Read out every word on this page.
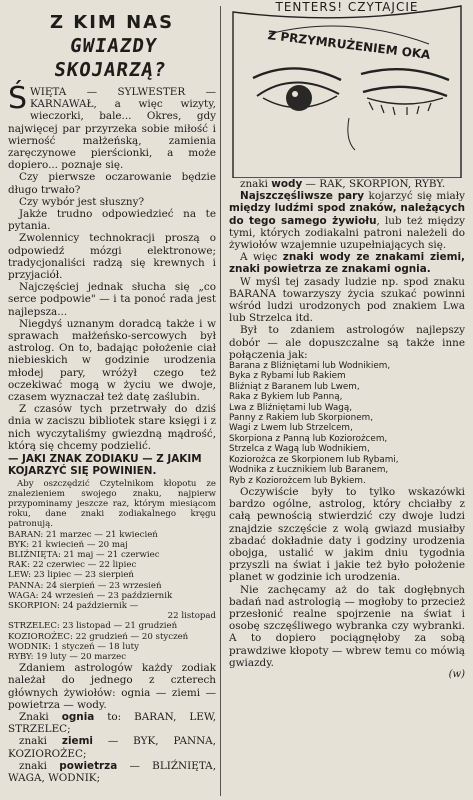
Z KIM NAS
GWIAZDY SKOJARZĄ?

ŚWIĘTA — SYLWESTER — KARNAWAŁ, a więc wizyty, wieczorki, bale... Okres, gdy najwięcej par przyrzeka sobie miłość i wierność małżeńską, zamienia zaręczynowe pierścionki, a może dopiero... poznaje się.

Czy pierwsze oczarowanie będzie długo trwało?

Czy wybór jest słuszny?

Jakże trudno odpowiedzieć na te pytania.

Zwolennicy technokracji proszą o odpowiedź mózgi elektronowe; tradycjonaliści radzą się krewnych i przyjaciół.

Najczęściej jednak słucha się „co serce podpowie" — i ta ponoć rada jest najlepsza...

Niegdyś uznanym doradcą także i w sprawach małżeńsko-sercowych był astrolog. On to, badając położenie ciał niebieskich w godzinie urodzenia młodej pary, wróżył czego też oczekiwać mogą w życiu we dwoje, czasem wyznaczał też datę zaślubin.

Z czasów tych przetrwały do dziś dnia w zaciszu bibliotek stare księgi i z nich wyczytaliśmy gwiezdną mądrość, którą się chcemy podzielić.

— JAKI ZNAK ZODIAKU — Z JAKIM KOJARZYĆ SIĘ POWINIEN.

Aby oszczędzić Czytelnikom kłopotu ze znalezieniem swojego znaku, najpierw przypominamy jeszcze raz, którym miesiącom roku, dane znaki zodiakalnego kręgu patronują.

BARAN: 21 marzec — 21 kwiecień

BYK: 21 kwiecień — 20 maj

BLIŹNIĘTA: 21 maj — 21 czerwiec

RAK: 22 czerwiec — 22 lipiec

LEW: 23 lipiec — 23 sierpień

PANNA: 24 sierpień — 23 wrzesień

WAGA: 24 wrzesień — 23 październik

SKORPION: 24 październik —

22 listopad

STRZELEC: 23 listopad — 21 grudzień

KOZIOROŻEC: 22 grudzień — 20 styczeń

WODNIK: 1 styczeń — 18 luty

RYBY: 19 luty — 20 marzec

Zdaniem astrologów każdy zodiak należał do jednego z czterech głównych żywiołów: ognia — ziemi — powietrza — wody.

Znaki ognia to: BARAN, LEW, STRZELEC;

znaki ziemi — BYK, PANNA, KOZIOROŻEC;

znaki powietrza — BLIŹNIĘTA, WAGA, WODNIK;

TENTERS! CZYTAJCIE
Z PRZYMRUŻENIEM OKA

znaki wody — RAK, SKORPION, RYBY.

Najszczęśliwsze pary kojarzyć się miały między ludźmi spod znaków, należących do tego samego żywiołu, lub też między tymi, których zodiakalni patroni należeli do żywiołów wzajemnie uzupełniających się.

A więc znaki wody ze znakami ziemi, znaki powietrza ze znakami ognia.

W myśl tej zasady ludzie np. spod znaku BARANA towarzyszy życia szukać powinni wśród ludzi urodzonych pod znakiem Lwa lub Strzelca itd.

Był to zdaniem astrologów najlepszy dobór — ale dopuszczalne są także inne połączenia jak:

Barana z Bliźniętami lub Wodnikiem,
Byka z Rybami lub Rakiem
Bliźniąt z Baranem lub Lwem,
Raka z Bykiem lub Panną,
Lwa z Bliźniętami lub Wagą,
Panny z Rakiem lub Skorpionem,
Wagi z Lwem lub Strzelcem,
Skorpiona z Panną lub Koziorożcem,
Strzelca z Wagą lub Wodnikiem,
Koziorożca ze Skorpionem lub Rybami,
Wodnika z Łucznikiem lub Baranem,
Ryb z Koziorożcem lub Bykiem.

Oczywiście były to tylko wskazówki bardzo ogólne, astrolog, który chciałby z całą pewnością stwierdzić czy dwoje ludzi znajdzie szczęście z wolą gwiazd musiałby zbadać dokładnie daty i godziny urodzenia obojga, ustalić w jakim dniu tygodnia przyszli na świat i jakie też było położenie planet w godzinie ich urodzenia.

Nie zachęcamy aż do tak dogłębnych badań nad astrologią — mogłoby to przecież przesłonić realne spojrzenie na świat i osobę szczęśliwego wybranka czy wybranki. A to dopiero pociągnęłoby za sobą prawdziwe kłopoty — wbrew temu co mówią gwiazdy.

(w)
